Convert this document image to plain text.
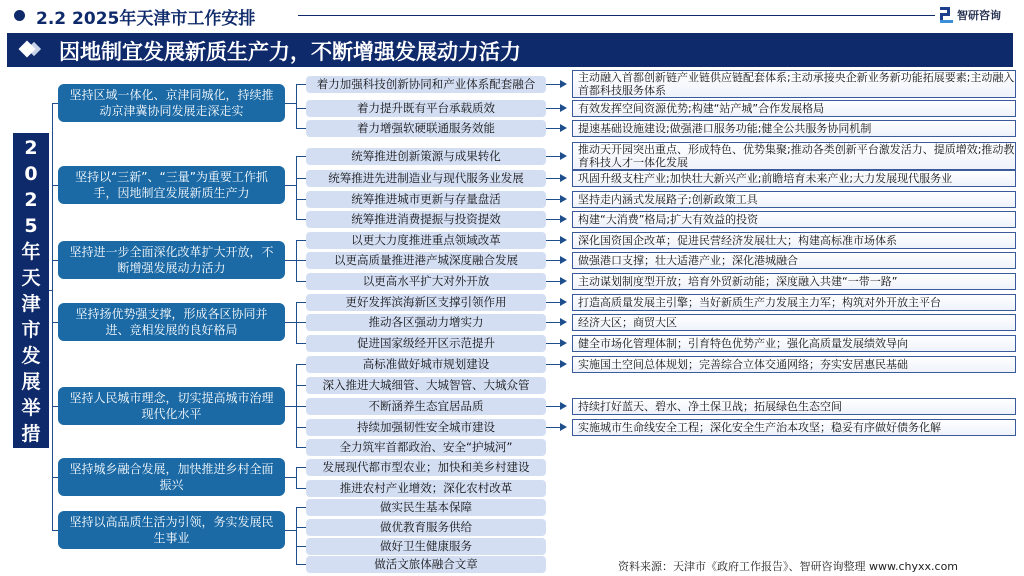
2.2 2025年天津市工作安排	智研咨询
因地制宜发展新质生产力，不断增强发展动力活力
2
0
2
5
年
天
津
市
发
展
举
措
坚持区域一体化、京津同城化，持续推动京津冀协同发展走深走实
坚持以“三新”、“三量”为重要工作抓手，因地制宜发展新质生产力
坚持进一步全面深化改革扩大开放，不断增强发展动力活力
坚持扬优势强支撑，形成各区协同并进、竞相发展的良好格局
坚持人民城市理念，切实提高城市治理现代化水平
坚持城乡融合发展，加快推进乡村全面振兴
坚持以高品质生活为引领，务实发展民生事业
着力加强科技创新协同和产业体系配套融合	主动融入首都创新链产业链供应链配套体系;主动承接央企新业务新功能拓展要素;主动融入首都科技服务体系
着力提升既有平台承载质效	有效发挥空间资源优势;构建“站产城”合作发展格局
着力增强软硬联通服务效能	提速基础设施建设;做强港口服务功能;健全公共服务协同机制
统筹推进创新策源与成果转化	推动天开园突出重点、形成特色、优势集聚;推动各类创新平台激发活力、提质增效;推动教育科技人才一体化发展
统筹推进先进制造业与现代服务业发展	巩固升级支柱产业;加快壮大新兴产业;前瞻培育未来产业;大力发展现代服务业
统筹推进城市更新与存量盘活	坚持走内涵式发展路子;创新政策工具
统筹推进消费提振与投资提效	构建“大消费”格局;扩大有效益的投资
以更大力度推进重点领域改革	深化国资国企改革；促进民营经济发展壮大；构建高标准市场体系
以更高质量推进港产城深度融合发展	做强港口支撑；壮大适港产业；深化港城融合
以更高水平扩大对外开放	主动谋划制度型开放；培育外贸新动能；深度融入共建“一带一路”
更好发挥滨海新区支撑引领作用	打造高质量发展主引擎；当好新质生产力发展主力军；构筑对外开放主平台
推动各区强动力增实力	经济大区；商贸大区
促进国家级经开区示范提升	健全市场化管理体制；引育特色优势产业；强化高质量发展绩效导向
高标准做好城市规划建设	实施国土空间总体规划；完善综合立体交通网络；夯实安居惠民基础
深入推进大城细管、大城智管、大城众管
不断涵养生态宜居品质	持续打好蓝天、碧水、净土保卫战；拓展绿色生态空间
持续加强韧性安全城市建设	实施城市生命线安全工程；深化安全生产治本攻坚；稳妥有序做好债务化解
全力筑牢首都政治、安全“护城河”
发展现代都市型农业；加快和美乡村建设
推进农村产业增效；深化农村改革
做实民生基本保障
做优教育服务供给
做好卫生健康服务
做活文旅体融合文章	资料来源：天津市《政府工作报告》、智研咨询整理 www.chyxx.com
